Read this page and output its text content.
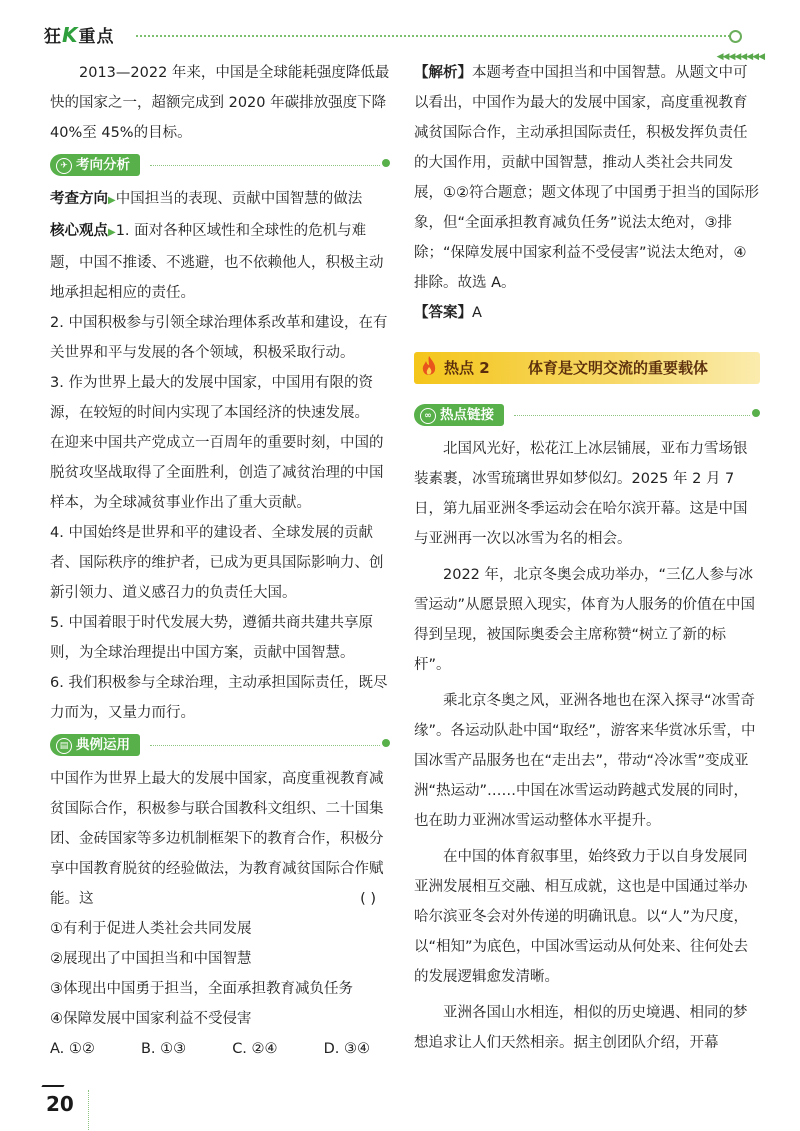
狂K重点
◀◀◀◀◀◀◀◀

2013—2022 年来，中国是全球能耗强度降低最快的国家之一，超额完成到 2020 年碳排放强度下降 40%至 45%的目标。

✈ 考向分析

考查方向▶中国担当的表现、贡献中国智慧的做法

核心观点▶1. 面对各种区域性和全球性的危机与难题，中国不推诿、不逃避，也不依赖他人，积极主动地承担起相应的责任。

2. 中国积极参与引领全球治理体系改革和建设，在有关世界和平与发展的各个领域，积极采取行动。

3. 作为世界上最大的发展中国家，中国用有限的资源，在较短的时间内实现了本国经济的快速发展。

在迎来中国共产党成立一百周年的重要时刻，中国的脱贫攻坚战取得了全面胜利，创造了减贫治理的中国样本，为全球减贫事业作出了重大贡献。

4. 中国始终是世界和平的建设者、全球发展的贡献者、国际秩序的维护者，已成为更具国际影响力、创新引领力、道义感召力的负责任大国。

5. 中国着眼于时代发展大势，遵循共商共建共享原则，为全球治理提出中国方案，贡献中国智慧。

6. 我们积极参与全球治理，主动承担国际责任，既尽力而为，又量力而行。

▤ 典例运用

中国作为世界上最大的发展中国家，高度重视教育减贫国际合作，积极参与联合国教科文组织、二十国集团、金砖国家等多边机制框架下的教育合作，积极分享中国教育脱贫的经验做法，为教育减贫国际合作赋能。这	( )

①有利于促进人类社会共同发展

②展现出了中国担当和中国智慧

③体现出中国勇于担当，全面承担教育减负任务

④保障发展中国家利益不受侵害

A. ①②	B. ①③	C. ②④	D. ③④

【解析】本题考查中国担当和中国智慧。从题文中可以看出，中国作为最大的发展中国家，高度重视教育减贫国际合作，主动承担国际责任，积极发挥负责任的大国作用，贡献中国智慧，推动人类社会共同发展，①②符合题意；题文体现了中国勇于担当的国际形象，但“全面承担教育减负任务”说法太绝对，③排除；“保障发展中国家利益不受侵害”说法太绝对，④排除。故选 A。

【答案】A

热点 2	体育是文明交流的重要载体
∞ 热点链接

北国风光好，松花江上冰层铺展，亚布力雪场银装素裹，冰雪琉璃世界如梦似幻。2025 年 2 月 7 日，第九届亚洲冬季运动会在哈尔滨开幕。这是中国与亚洲再一次以冰雪为名的相会。

2022 年，北京冬奥会成功举办，“三亿人参与冰雪运动”从愿景照入现实，体育为人服务的价值在中国得到呈现，被国际奥委会主席称赞“树立了新的标杆”。

乘北京冬奥之风，亚洲各地也在深入探寻“冰雪奇缘”。各运动队赴中国“取经”，游客来华赏冰乐雪，中国冰雪产品服务也在“走出去”，带动“冷冰雪”变成亚洲“热运动”……中国在冰雪运动跨越式发展的同时，也在助力亚洲冰雪运动整体水平提升。

在中国的体育叙事里，始终致力于以自身发展同亚洲发展相互交融、相互成就，这也是中国通过举办哈尔滨亚冬会对外传递的明确讯息。以“人”为尺度，以“相知”为底色，中国冰雪运动从何处来、往何处去的发展逻辑愈发清晰。

亚洲各国山水相连，相似的历史境遇、相同的梦想追求让人们天然相亲。据主创团队介绍，开幕

20
